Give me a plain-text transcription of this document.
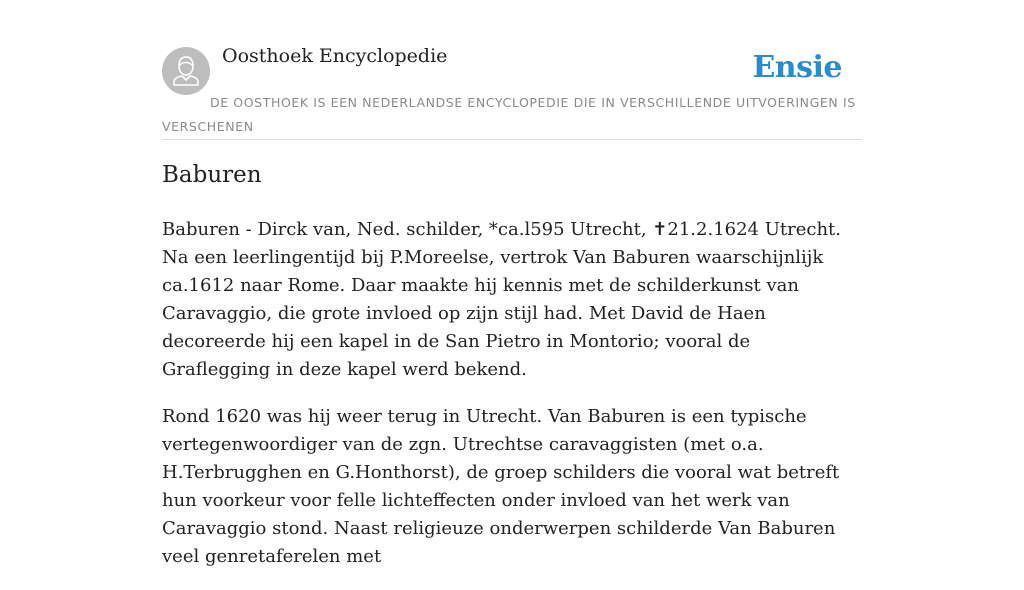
Oosthoek Encyclopedie	Ensie
DE OOSTHOEK IS EEN NEDERLANDSE ENCYCLOPEDIE DIE IN VERSCHILLENDE UITVOERINGEN IS VERSCHENEN
Baburen

Baburen - Dirck van, Ned. schilder, *ca.l595 Utrecht, ✝21.2.1624 Utrecht. Na een leerlingentijd bij P.Moreelse, vertrok Van Baburen waarschijnlijk ca.1612 naar Rome. Daar maakte hij kennis met de schilderkunst van Caravaggio, die grote invloed op zijn stijl had. Met David de Haen decoreerde hij een kapel in de San Pietro in Montorio; vooral de Graflegging in deze kapel werd bekend.

Rond 1620 was hij weer terug in Utrecht. Van Baburen is een typische vertegenwoordiger van de zgn. Utrechtse caravaggisten (met o.a. H.Terbrugghen en G.Honthorst), de groep schilders die vooral wat betreft hun voorkeur voor felle lichteffecten onder invloed van het werk van Caravaggio stond. Naast religieuze onderwerpen schilderde Van Baburen veel genretaferelen met
